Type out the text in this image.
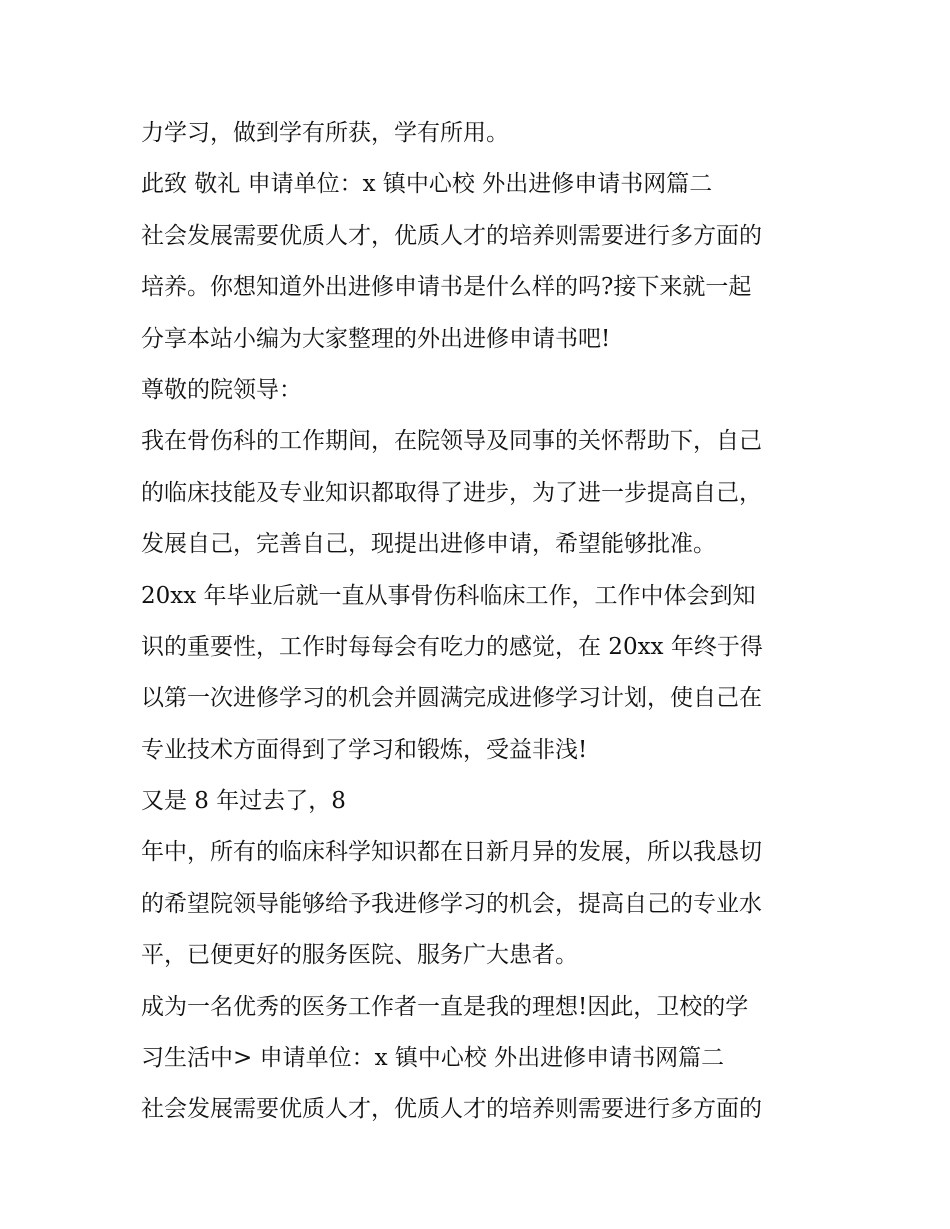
力学习，做到学有所获，学有所用。

此致 敬礼 申请单位：x 镇中心校 外出进修申请书网篇二

社会发展需要优质人才，优质人才的培养则需要进行多方面的

培养。你想知道外出进修申请书是什么样的吗?接下来就一起

分享本站小编为大家整理的外出进修申请书吧!

尊敬的院领导：

我在骨伤科的工作期间，在院领导及同事的关怀帮助下，自己

的临床技能及专业知识都取得了进步，为了进一步提高自己，

发展自己，完善自己，现提出进修申请，希望能够批准。

20xx 年毕业后就一直从事骨伤科临床工作，工作中体会到知

识的重要性，工作时每每会有吃力的感觉，在 20xx 年终于得

以第一次进修学习的机会并圆满完成进修学习计划，使自己在

专业技术方面得到了学习和锻炼，受益非浅!

又是 8 年过去了，8

年中，所有的临床科学知识都在日新月异的发展，所以我恳切

的希望院领导能够给予我进修学习的机会，提高自己的专业水

平，已便更好的服务医院、服务广大患者。

成为一名优秀的医务工作者一直是我的理想!因此，卫校的学

习生活中> 申请单位：x 镇中心校 外出进修申请书网篇二

社会发展需要优质人才，优质人才的培养则需要进行多方面的
